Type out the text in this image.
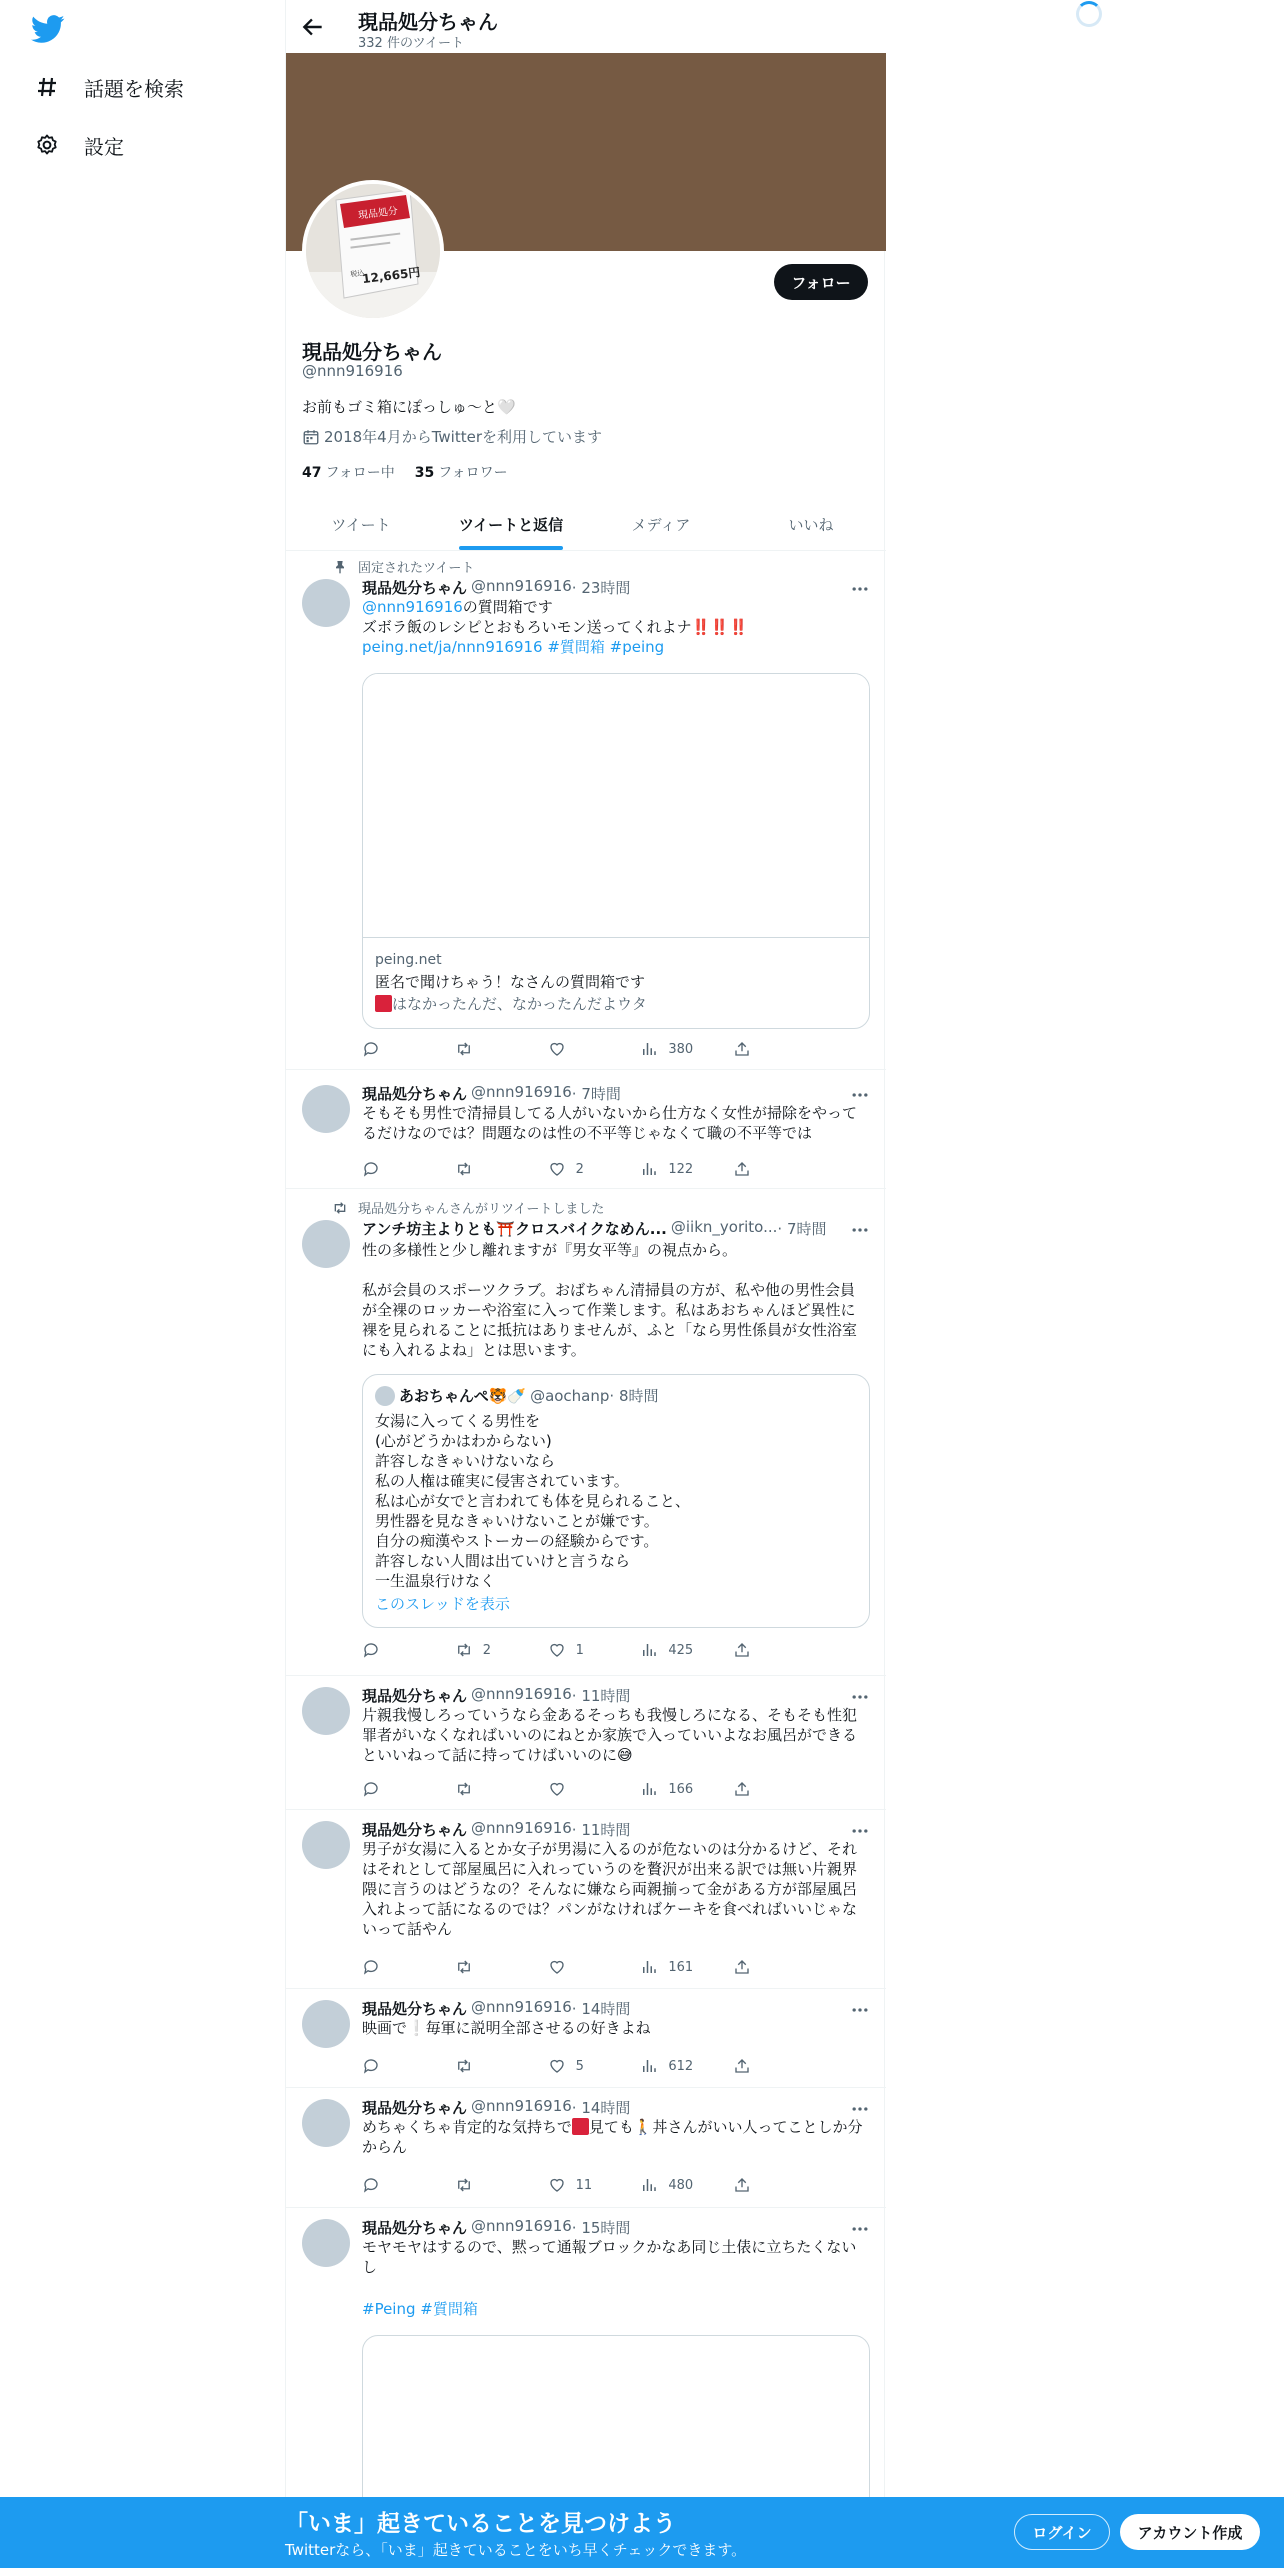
話題を検索
設定
現品処分ちゃん
332 件のツイート
現品処分
税込
12,665円	フォロー
現品処分ちゃん
@nnn916916
お前もゴミ箱にぽっしゅ〜と🤍
2018年4月からTwitterを利用しています
47 フォロー中 35 フォロワー
ツイート	ツイートと返信	メディア	いいね
固定されたツイート
現品処分ちゃん @nnn916916 · 23時間
@nnn916916の質問箱です
ズボラ飯のレシピとおもろいモン送ってくれよナ‼️‼️‼️
peing.net/ja/nnn916916 #質問箱 #peing
peing.net
匿名で聞けちゃう！なさんの質問箱です
はなかったんだ、なかったんだよウタ
380
現品処分ちゃん @nnn916916 · 7時間
そもそも男性で清掃員してる人がいないから仕方なく女性が掃除をやってるだけなのでは？問題なのは性の不平等じゃなくて職の不平等では
2	122
現品処分ちゃんさんがリツイートしました
アンチ坊主よりとも⛩️クロスバイクなめん... @iikn_yorito... · 7時間
性の多様性と少し離れますが『男女平等』の視点から。

私が会員のスポーツクラブ。おばちゃん清掃員の方が、私や他の男性会員が全裸のロッカーや浴室に入って作業します。私はあおちゃんほど異性に裸を見られることに抵抗はありませんが、ふと「なら男性係員が女性浴室にも入れるよね」とは思います。
あおちゃんぺ🐯🍼 @aochanp · 8時間
女湯に入ってくる男性を
(心がどうかはわからない)
許容しなきゃいけないなら
私の人権は確実に侵害されています。
私は心が女でと言われても体を見られること、
男性器を見なきゃいけないことが嫌です。
自分の痴漢やストーカーの経験からです。
許容しない人間は出ていけと言うなら
一生温泉行けなく
このスレッドを表示
2	1	425
現品処分ちゃん @nnn916916 · 11時間
片親我慢しろっていうなら金あるそっちも我慢しろになる、そもそも性犯罪者がいなくなればいいのにねとか家族で入っていいよなお風呂ができるといいねって話に持ってけばいいのに😅
166
現品処分ちゃん @nnn916916 · 11時間
男子が女湯に入るとか女子が男湯に入るのが危ないのは分かるけど、それはそれとして部屋風呂に入れっていうのを贅沢が出来る訳では無い片親界隈に言うのはどうなの？そんなに嫌なら両親揃って金がある方が部屋風呂入れよって話になるのでは？パンがなければケーキを食べればいいじゃないって話やん
161
現品処分ちゃん @nnn916916 · 14時間
映画で❕毎軍に説明全部させるの好きよね
5	612
現品処分ちゃん @nnn916916 · 14時間
めちゃくちゃ肯定的な気持ちで 見ても🚶丼さんがいい人ってことしか分からん
11	480
現品処分ちゃん @nnn916916 · 15時間
モヤモヤはするので、黙って通報ブロックかなあ同じ土俵に立ちたくないし
#Peing #質問箱
「いま」起きていることを見つけよう
Twitterなら、「いま」起きていることをいち早くチェックできます。
ログイン	アカウント作成
